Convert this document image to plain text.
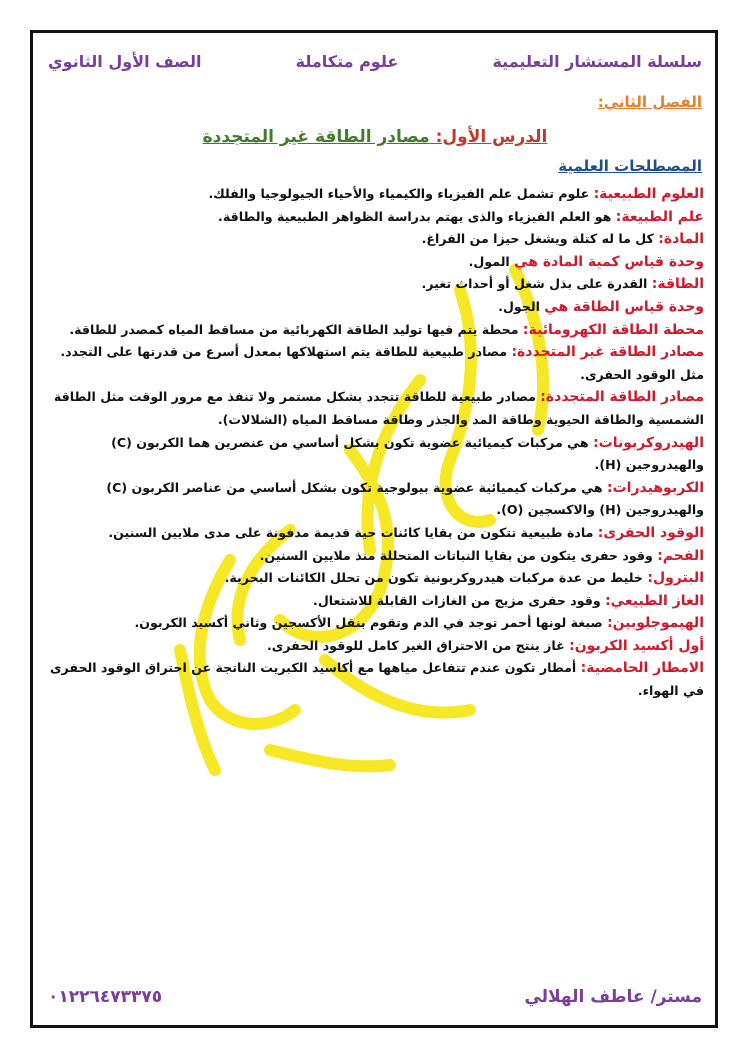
سلسلة المستشار التعليمية
علوم متكاملة
الصف الأول الثانوي
الفصل الثاني:
الدرس الأول: مصادر الطاقة غير المتجددة
المصطلحات العلمية

العلوم الطبيعية: علوم تشمل علم الفيزياء والكيمياء والأحياء الجيولوجيا والفلك.

علم الطبيعة: هو العلم الفيزياء والذى يهتم بدراسة الظواهر الطبيعية والطاقة.

المادة: كل ما له كتلة ويشغل حيزا من الفراغ.

وحدة قياس كمية المادة هي المول.

الطاقة: القدرة على بذل شغل أو أحداث تغير.

وحدة قياس الطاقة هي الجول.

محطة الطاقة الكهرومائية: محطة يتم فيها توليد الطاقة الكهربائية من مساقط المياه كمصدر للطاقة.

مصادر الطاقة غير المتجددة: مصادر طبيعية للطاقة يتم استهلاكها بمعدل أسرع من قدرتها على التجدد. مثل الوقود الحفرى.

مصادر الطاقة المتجددة: مصادر طبيعية للطاقة تتجدد بشكل مستمر ولا تنفذ مع مرور الوقت مثل الطاقة الشمسية والطاقة الحيوية وطاقة المد والجذر وطاقة مساقط المياه (الشلالات).

الهيدروكربونات: هي مركبات كيميائية عضوية تكون بشكل أساسي من عنصرين هما الكربون (C) والهيدروجين (H).

الكربوهيدرات: هي مركبات كيميائية عضوية بيولوجية تكون بشكل أساسي من عناصر الكربون (C) والهيدروجين (H) والاكسجين (O).

الوقود الحفرى: مادة طبيعية تتكون من بقايا كائنات حية قديمة مدفونة على مدى ملايين السنين.

الفحم: وقود حفرى يتكون من بقايا النباتات المتحللة منذ ملايين السنين.

البترول: خليط من عدة مركبات هيدروكربونية تكون من تحلل الكائنات البحرية.

الغاز الطبيعي: وقود حفرى مزيج من الغازات القابلة للاشتعال.

الهيموجلوبين: صبغة لونها أحمر توجد في الدم وتقوم بنقل الأكسجين وثاني أكسيد الكربون.

أول أكسيد الكربون: غاز ينتج من الاحتراق الغير كامل للوقود الحفرى.

الامطار الحامضية: أمطار تكون عندم تتفاعل مياهها مع أكاسيد الكبريت الناتجة عن احتراق الوقود الحفرى في الهواء.

٠١٢٢٦٤٧٣٣٧٥	مستر/ عاطف الهلالي
